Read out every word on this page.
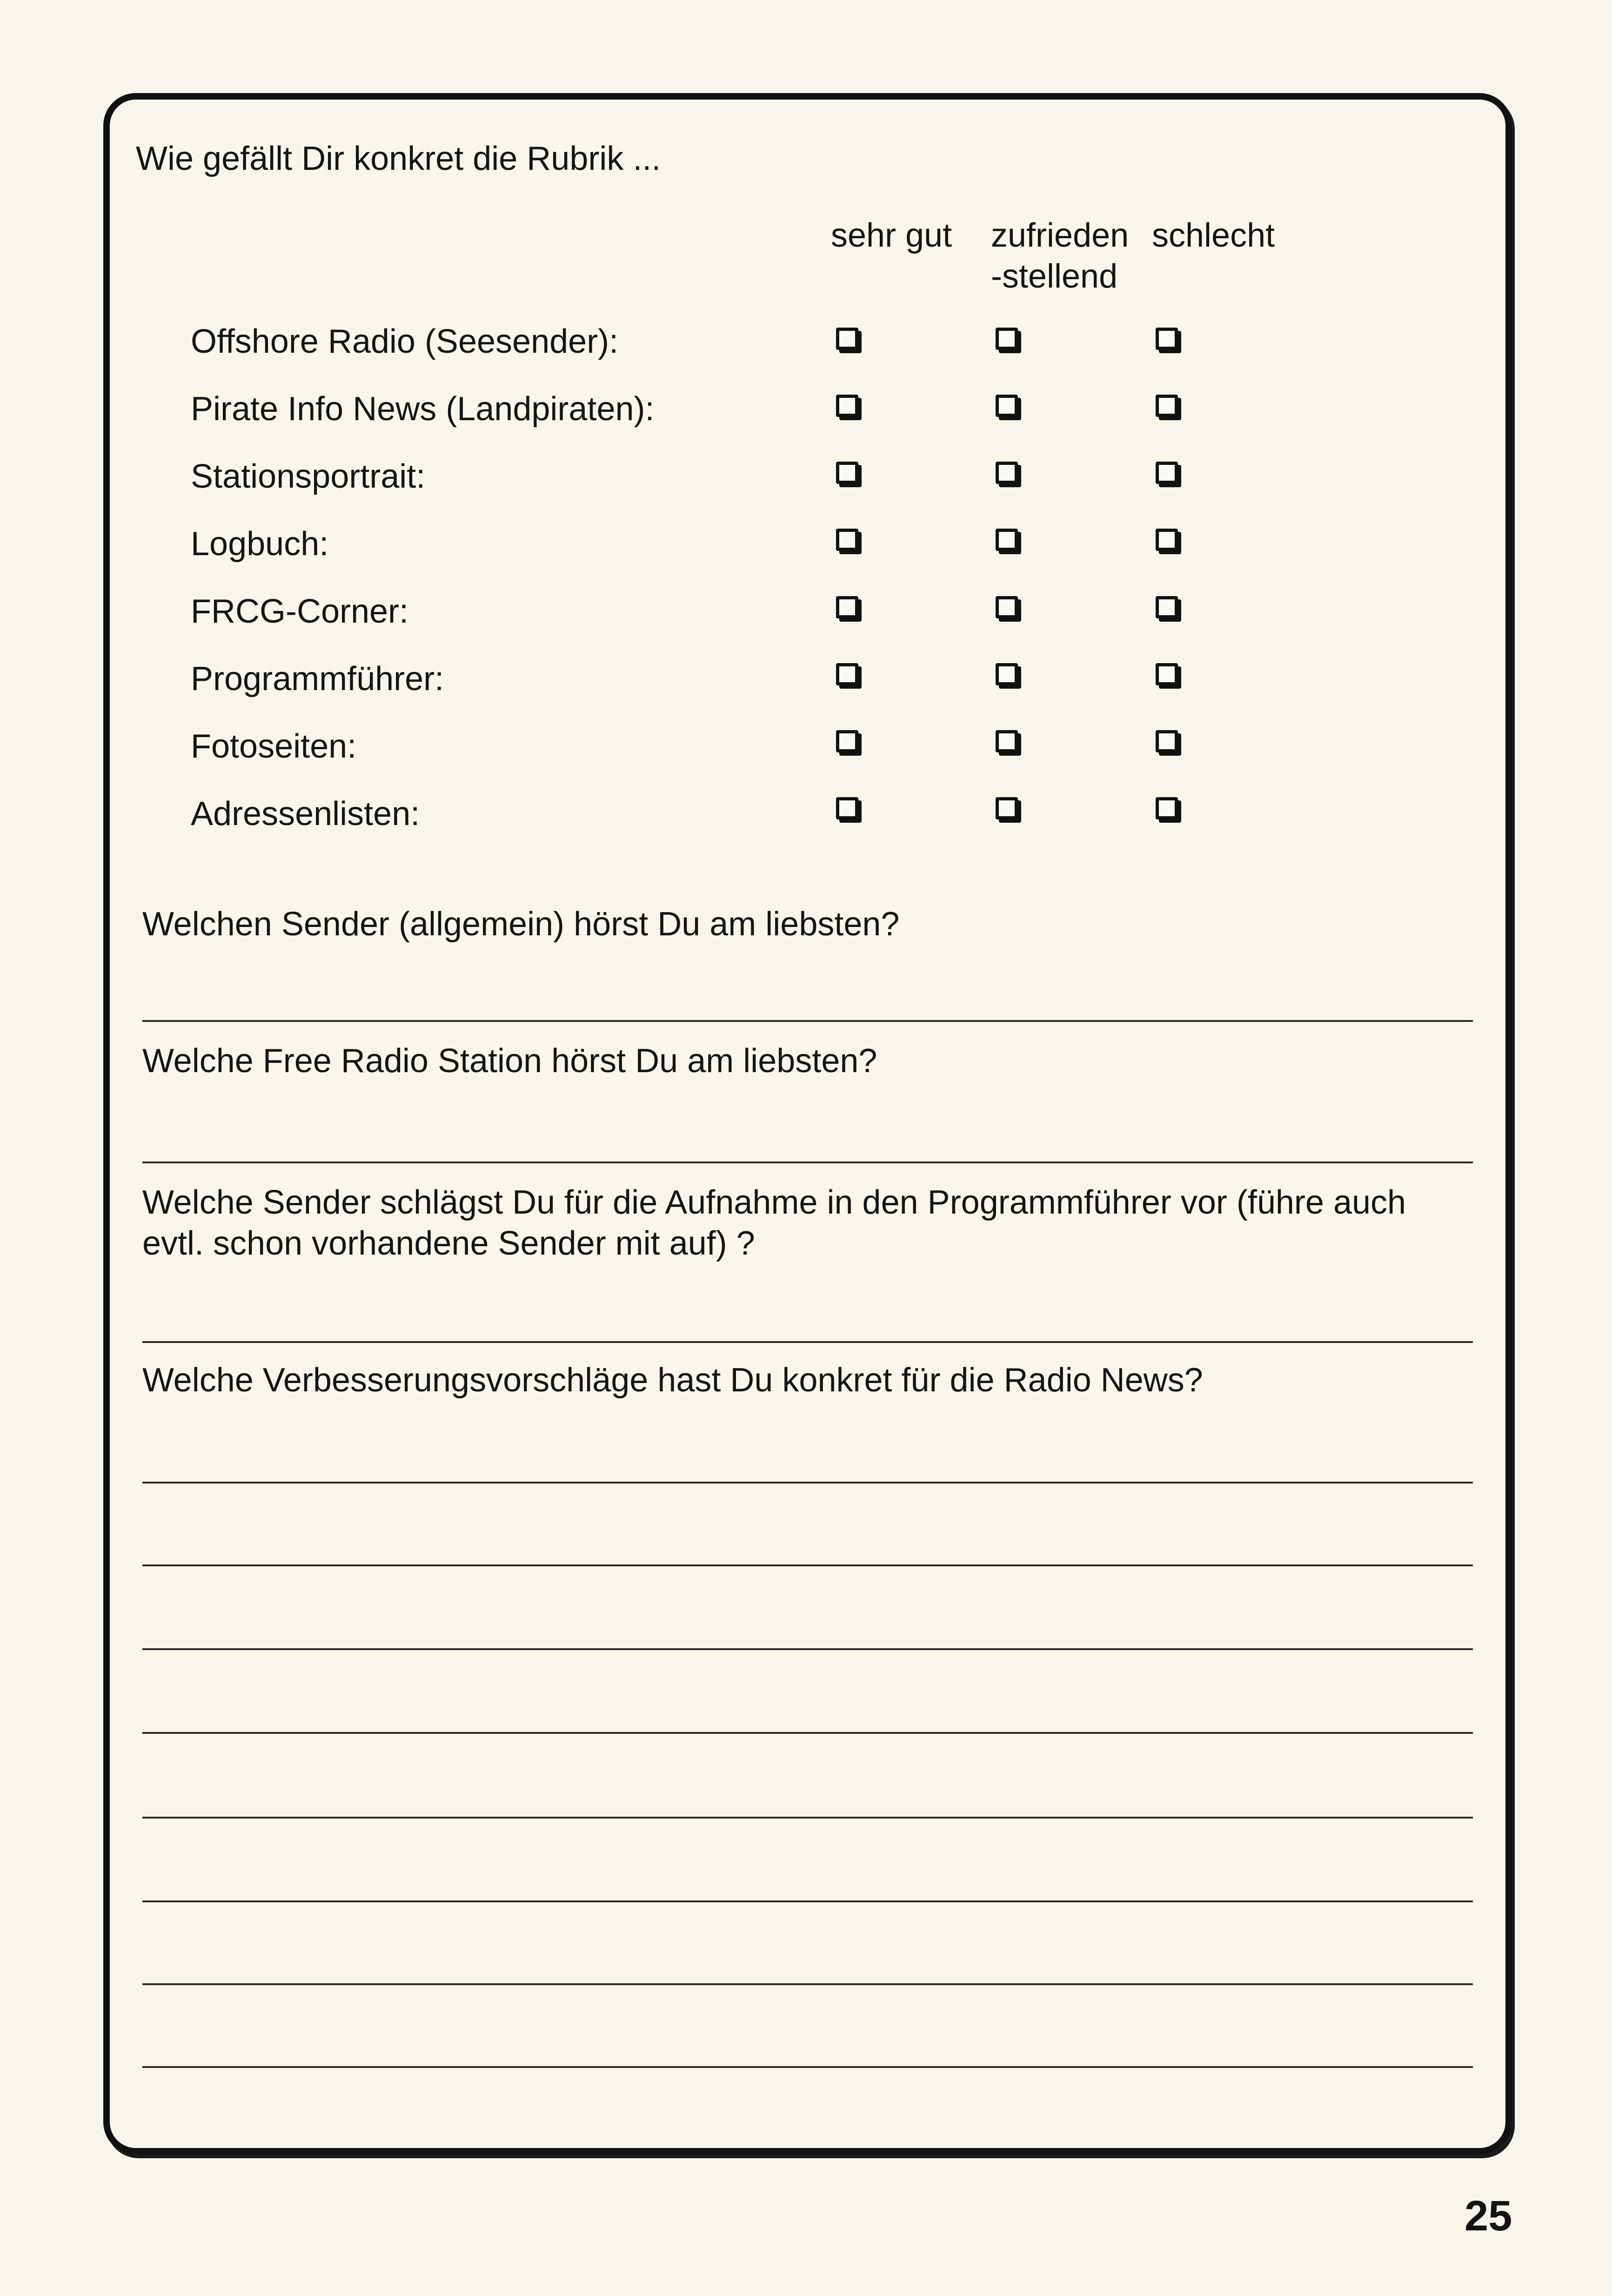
Wie gefällt Dir konkret die Rubrik ...
sehr gut zufrieden
-stellend
schlecht
Offshore Radio (Seesender):
Pirate Info News (Landpiraten):
Stationsportrait:
Logbuch:
FRCG-Corner:
Programmführer:
Fotoseiten:
Adressenlisten:
Welchen Sender (allgemein) hörst Du am liebsten?
Welche Free Radio Station hörst Du am liebsten?
Welche Sender schlägst Du für die Aufnahme in den Programmführer vor (führe auch
evtl. schon vorhandene Sender mit auf) ?
Welche Verbesserungsvorschläge hast Du konkret für die Radio News?
25
